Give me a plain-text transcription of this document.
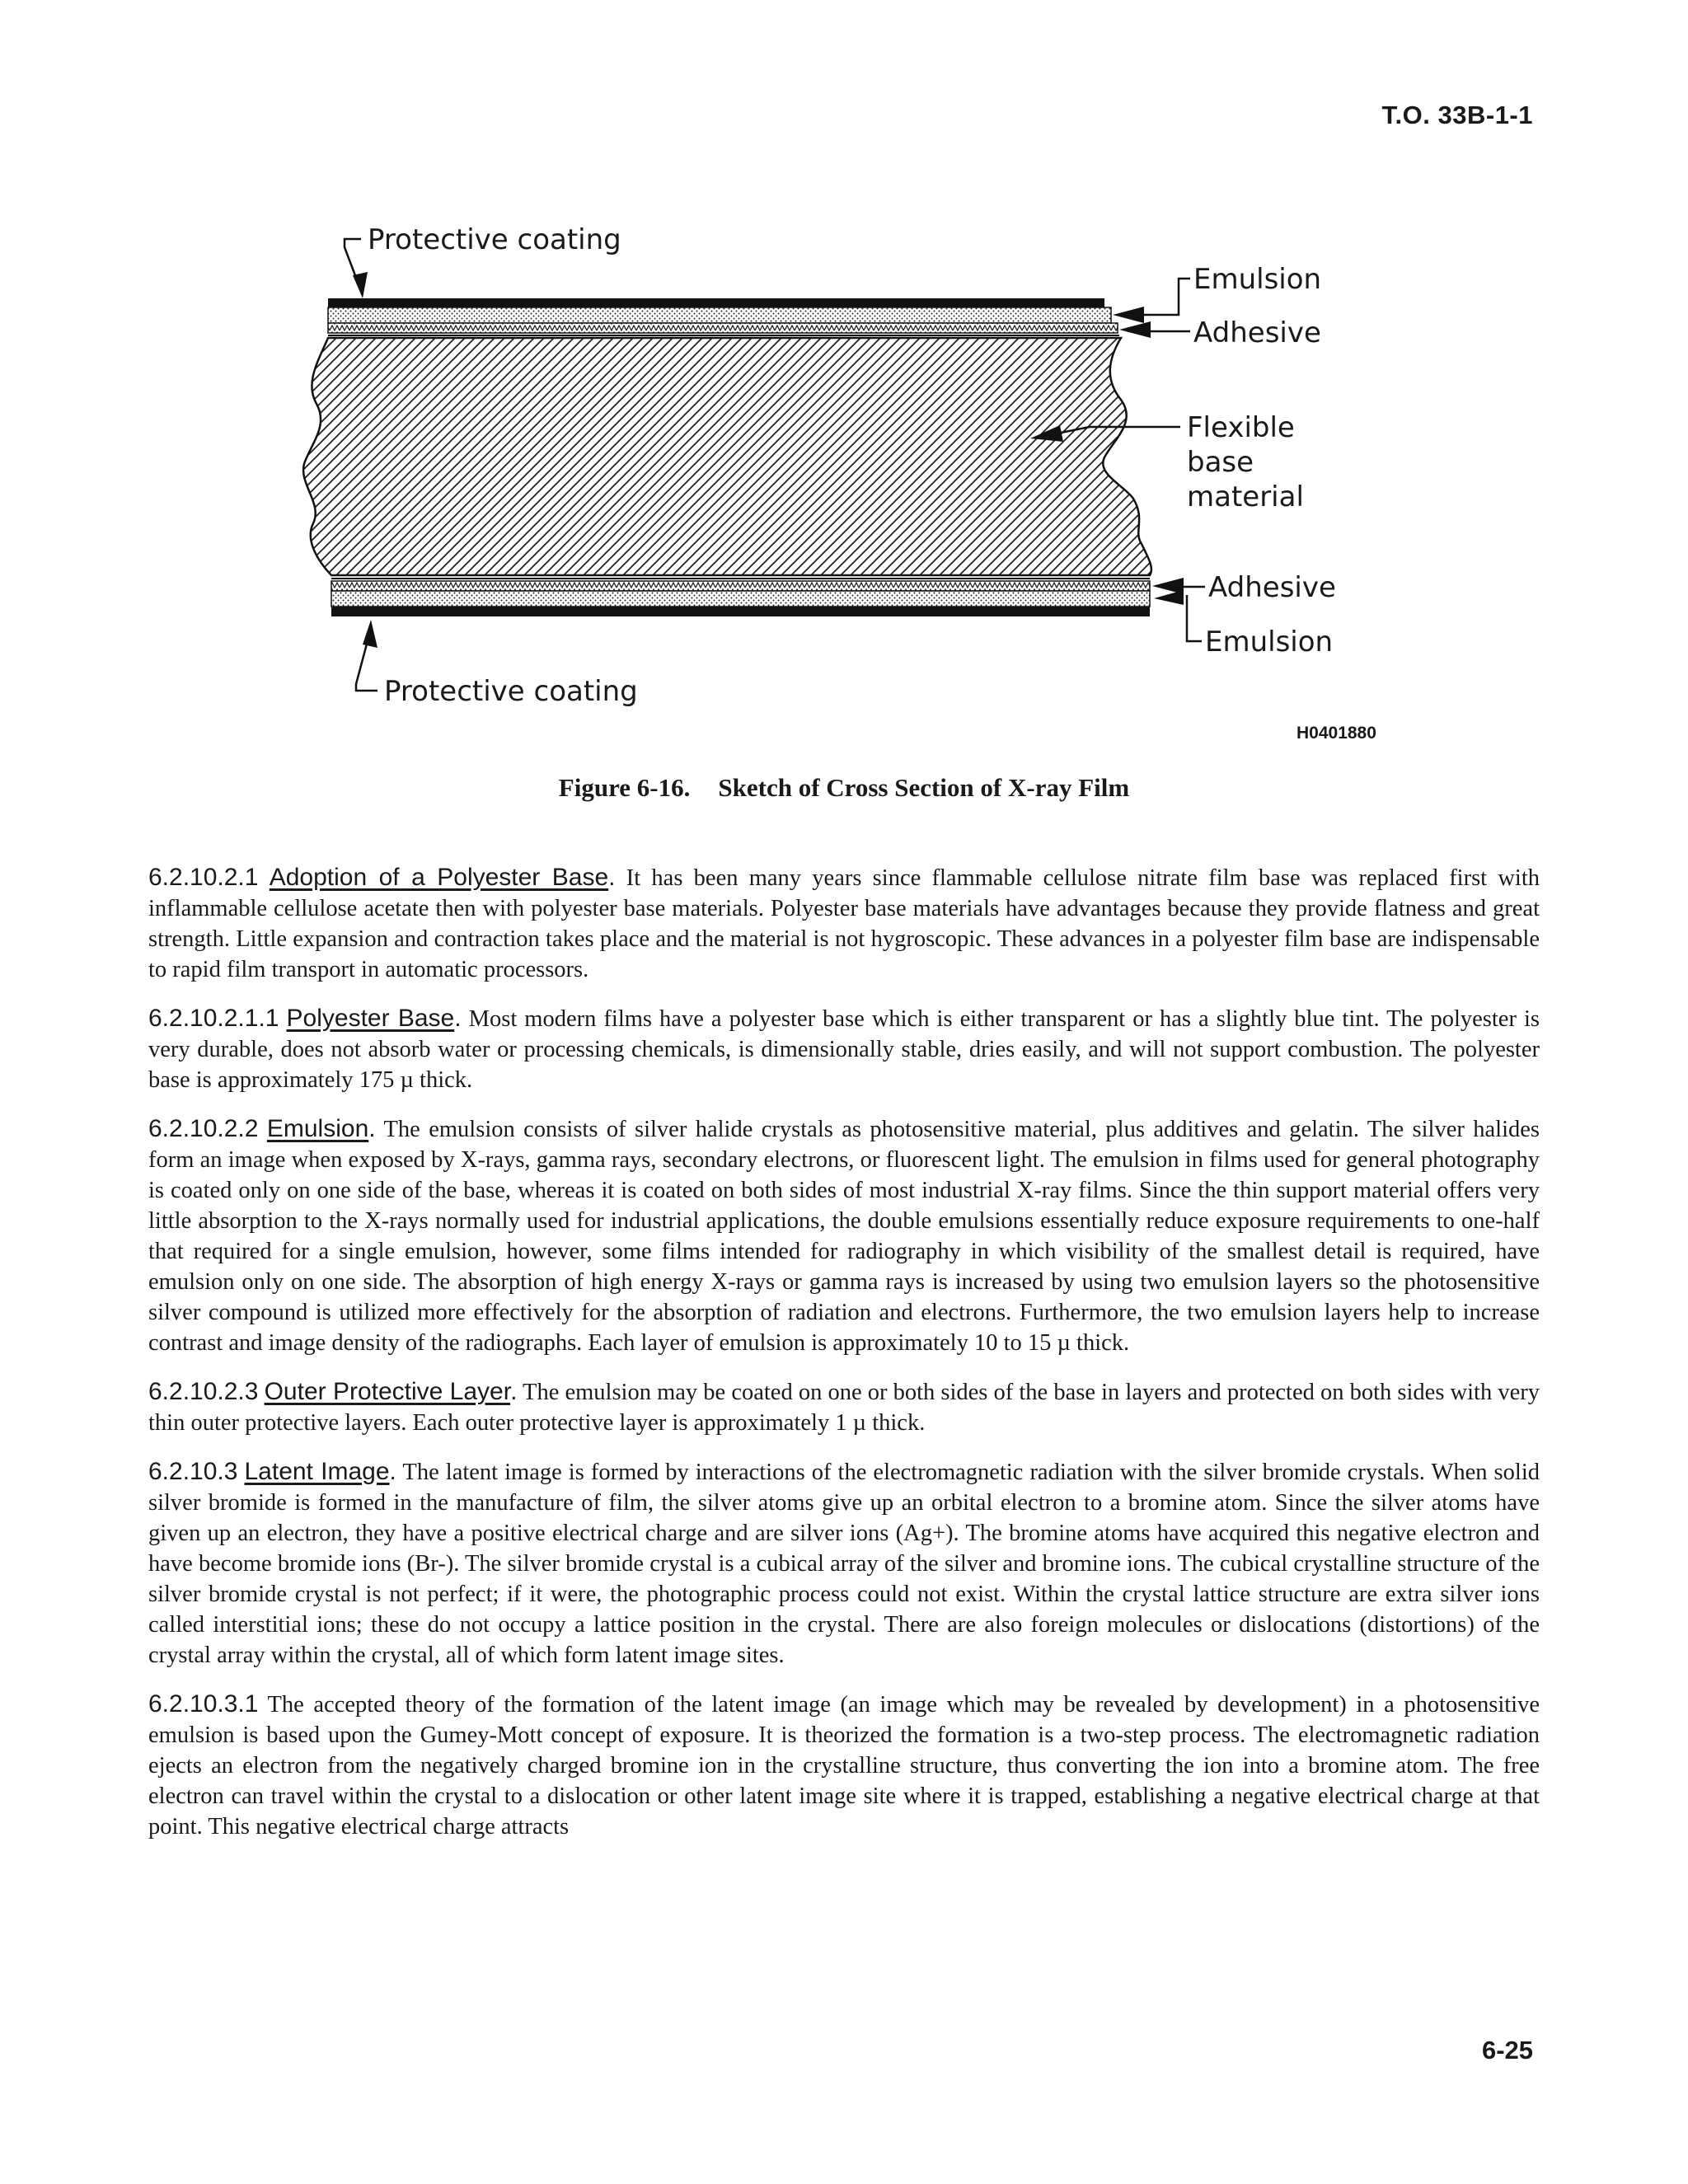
T.O. 33B-1-1
Protective coating
Emulsion
Adhesive
Flexible
base
material
Adhesive
Emulsion
Protective coating
H0401880
Figure 6-16. Sketch of Cross Section of X-ray Film

6.2.10.2.1 Adoption of a Polyester Base. It has been many years since flammable cellulose nitrate film base was replaced first with inflammable cellulose acetate then with polyester base materials. Polyester base materials have advantages because they provide flatness and great strength. Little expansion and contraction takes place and the material is not hygroscopic. These advances in a polyester film base are indispensable to rapid film transport in automatic processors.

6.2.10.2.1.1 Polyester Base. Most modern films have a polyester base which is either transparent or has a slightly blue tint. The polyester is very durable, does not absorb water or processing chemicals, is dimensionally stable, dries easily, and will not support combustion. The polyester base is approximately 175 µ thick.

6.2.10.2.2 Emulsion. The emulsion consists of silver halide crystals as photosensitive material, plus additives and gelatin. The silver halides form an image when exposed by X-rays, gamma rays, secondary electrons, or fluorescent light. The emulsion in films used for general photography is coated only on one side of the base, whereas it is coated on both sides of most industrial X-ray films. Since the thin support material offers very little absorption to the X-rays normally used for industrial applications, the double emulsions essentially reduce exposure requirements to one-half that required for a single emulsion, however, some films intended for radiography in which visibility of the smallest detail is required, have emulsion only on one side. The absorption of high energy X-rays or gamma rays is increased by using two emulsion layers so the photosensitive silver compound is utilized more effectively for the absorption of radiation and electrons. Furthermore, the two emulsion layers help to increase contrast and image density of the radiographs. Each layer of emulsion is approximately 10 to 15 µ thick.

6.2.10.2.3 Outer Protective Layer. The emulsion may be coated on one or both sides of the base in layers and protected on both sides with very thin outer protective layers. Each outer protective layer is approximately 1 µ thick.

6.2.10.3 Latent Image. The latent image is formed by interactions of the electromagnetic radiation with the silver bromide crystals. When solid silver bromide is formed in the manufacture of film, the silver atoms give up an orbital electron to a bromine atom. Since the silver atoms have given up an electron, they have a positive electrical charge and are silver ions (Ag+). The bromine atoms have acquired this negative electron and have become bromide ions (Br-). The silver bromide crystal is a cubical array of the silver and bromine ions. The cubical crystalline structure of the silver bromide crystal is not perfect; if it were, the photographic process could not exist. Within the crystal lattice structure are extra silver ions called interstitial ions; these do not occupy a lattice position in the crystal. There are also foreign molecules or dislocations (distortions) of the crystal array within the crystal, all of which form latent image sites.

6.2.10.3.1 The accepted theory of the formation of the latent image (an image which may be revealed by development) in a photosensitive emulsion is based upon the Gumey-Mott concept of exposure. It is theorized the formation is a two-step process. The electromagnetic radiation ejects an electron from the negatively charged bromine ion in the crystalline structure, thus converting the ion into a bromine atom. The free electron can travel within the crystal to a dislocation or other latent image site where it is trapped, establishing a negative electrical charge at that point. This negative electrical charge attracts

6-25
